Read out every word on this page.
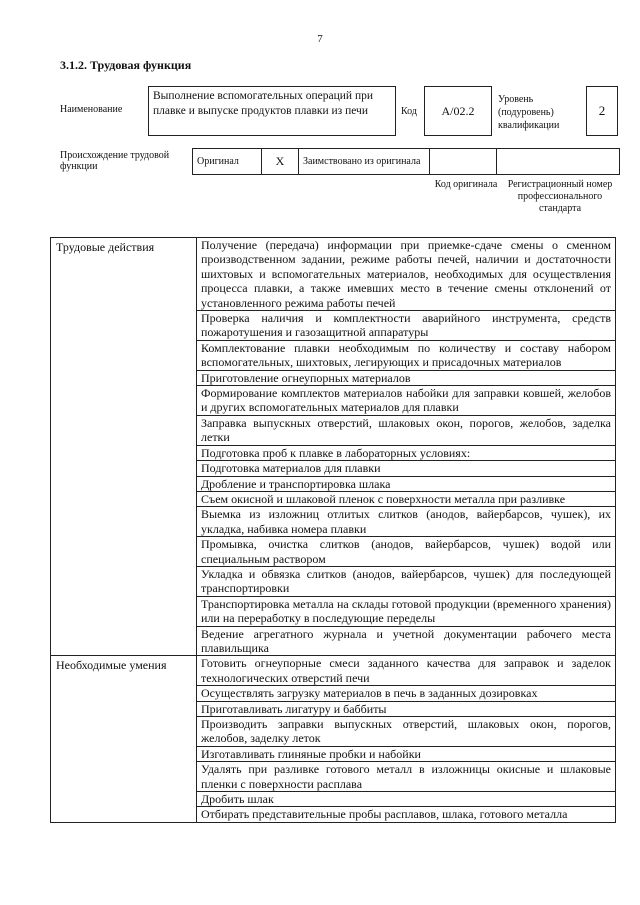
7
3.1.2. Трудовая функция
Наименование
Выполнение вспомогательных операций при плавке и выпуске продуктов плавки из печи	Код	А/02.2
Уровень (подуровень) квалификации
2
Происхождение трудовой функции	Оригинал	X	Заимствовано из оригинала		
Код оригинала Регистрационный номер профессионального стандарта
Трудовые действия	Получение (передача) информации при приемке-сдаче смены о сменном производственном задании, режиме работы печей, наличии и достаточности шихтовых и вспомогательных материалов, необходимых для осуществления процесса плавки, а также имевших место в течение смены отклонений от установленного режима работы печей
	Проверка наличия и комплектности аварийного инструмента, средств пожаротушения и газозащитной аппаратуры
	Комплектование плавки необходимым по количеству и составу набором вспомогательных, шихтовых, легирующих и присадочных материалов
	Приготовление огнеупорных материалов
	Формирование комплектов материалов набойки для заправки ковшей, желобов и других вспомогательных материалов для плавки
	Заправка выпускных отверстий, шлаковых окон, порогов, желобов, заделка летки
	Подготовка проб к плавке в лабораторных условиях:
	Подготовка материалов для плавки
	Дробление и транспортировка шлака
	Съем окисной и шлаковой пленок с поверхности металла при разливке
	Выемка из изложниц отлитых слитков (анодов, вайербарсов, чушек), их укладка, набивка номера плавки
	Промывка, очистка слитков (анодов, вайербарсов, чушек) водой или специальным раствором
	Укладка и обвязка слитков (анодов, вайербарсов, чушек) для последующей транспортировки
	Транспортировка металла на склады готовой продукции (временного хранения) или на переработку в последующие переделы
	Ведение агрегатного журнала и учетной документации рабочего места плавильщика
Необходимые умения	Готовить огнеупорные смеси заданного качества для заправок и заделок технологических отверстий печи
	Осуществлять загрузку материалов в печь в заданных дозировках
	Приготавливать лигатуру и баббиты
	Производить заправки выпускных отверстий, шлаковых окон, порогов, желобов, заделку леток
	Изготавливать глиняные пробки и набойки
	Удалять при разливке готового металл в изложницы окисные и шлаковые пленки с поверхности расплава
	Дробить шлак
	Отбирать представительные пробы расплавов, шлака, готового металла
